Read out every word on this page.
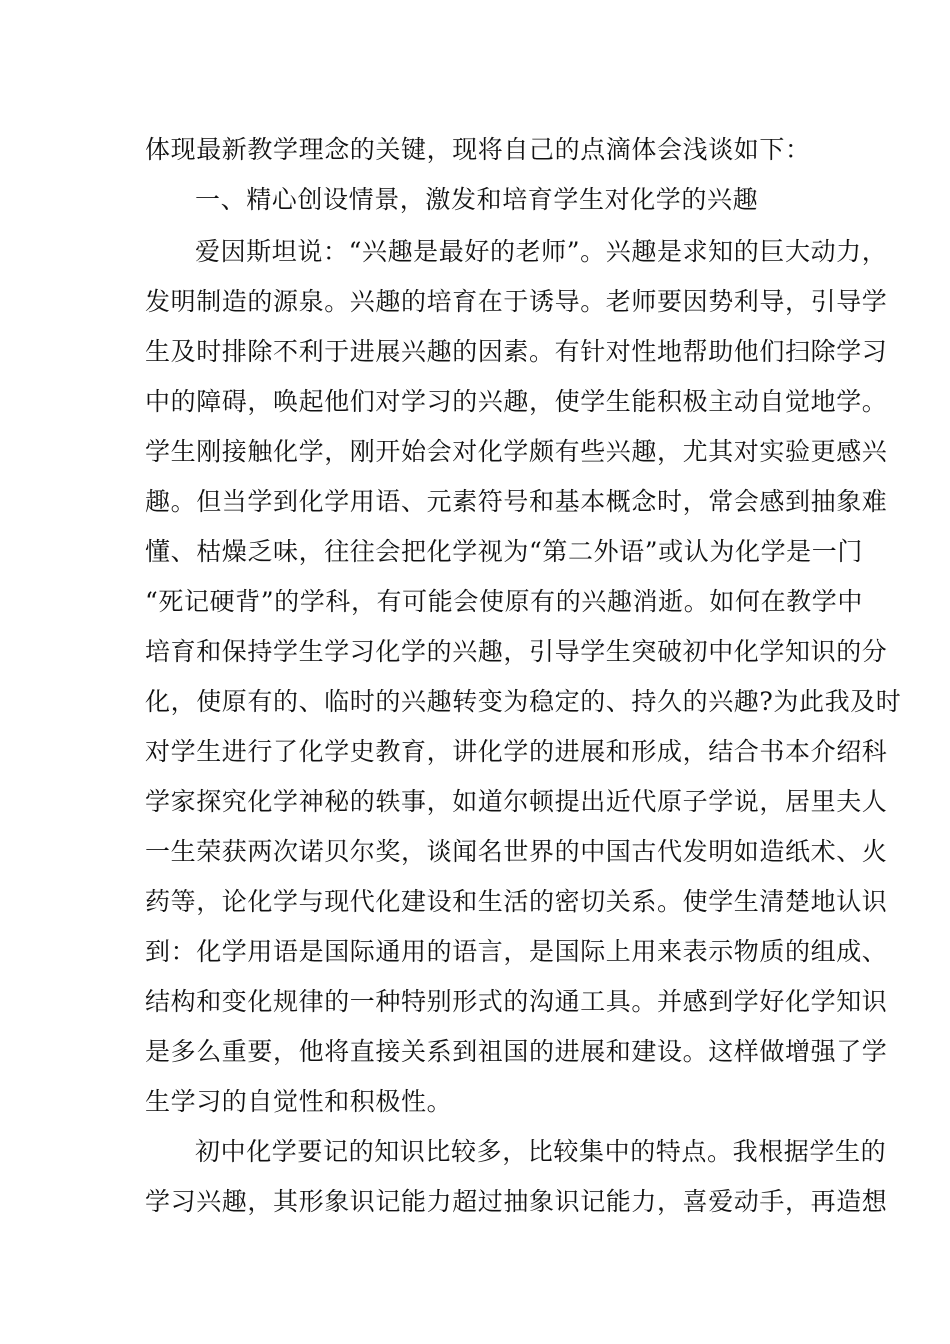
体现最新教学理念的关键，现将自己的点滴体会浅谈如下：
一、精心创设情景，激发和培育学生对化学的兴趣
爱因斯坦说：“兴趣是最好的老师”。兴趣是求知的巨大动力，
发明制造的源泉。兴趣的培育在于诱导。老师要因势利导，引导学
生及时排除不利于进展兴趣的因素。有针对性地帮助他们扫除学习
中的障碍，唤起他们对学习的兴趣，使学生能积极主动自觉地学。
学生刚接触化学，刚开始会对化学颇有些兴趣，尤其对实验更感兴
趣。但当学到化学用语、元素符号和基本概念时，常会感到抽象难
懂、枯燥乏味，往往会把化学视为“第二外语”或认为化学是一门
“死记硬背”的学科，有可能会使原有的兴趣消逝。如何在教学中
培育和保持学生学习化学的兴趣，引导学生突破初中化学知识的分
化，使原有的、临时的兴趣转变为稳定的、持久的兴趣?为此我及时
对学生进行了化学史教育，讲化学的进展和形成，结合书本介绍科
学家探究化学神秘的轶事，如道尔顿提出近代原子学说，居里夫人
一生荣获两次诺贝尔奖，谈闻名世界的中国古代发明如造纸术、火
药等，论化学与现代化建设和生活的密切关系。使学生清楚地认识
到：化学用语是国际通用的语言，是国际上用来表示物质的组成、
结构和变化规律的一种特别形式的沟通工具。并感到学好化学知识
是多么重要，他将直接关系到祖国的进展和建设。这样做增强了学
生学习的自觉性和积极性。
初中化学要记的知识比较多，比较集中的特点。我根据学生的
学习兴趣，其形象识记能力超过抽象识记能力，喜爱动手，再造想
